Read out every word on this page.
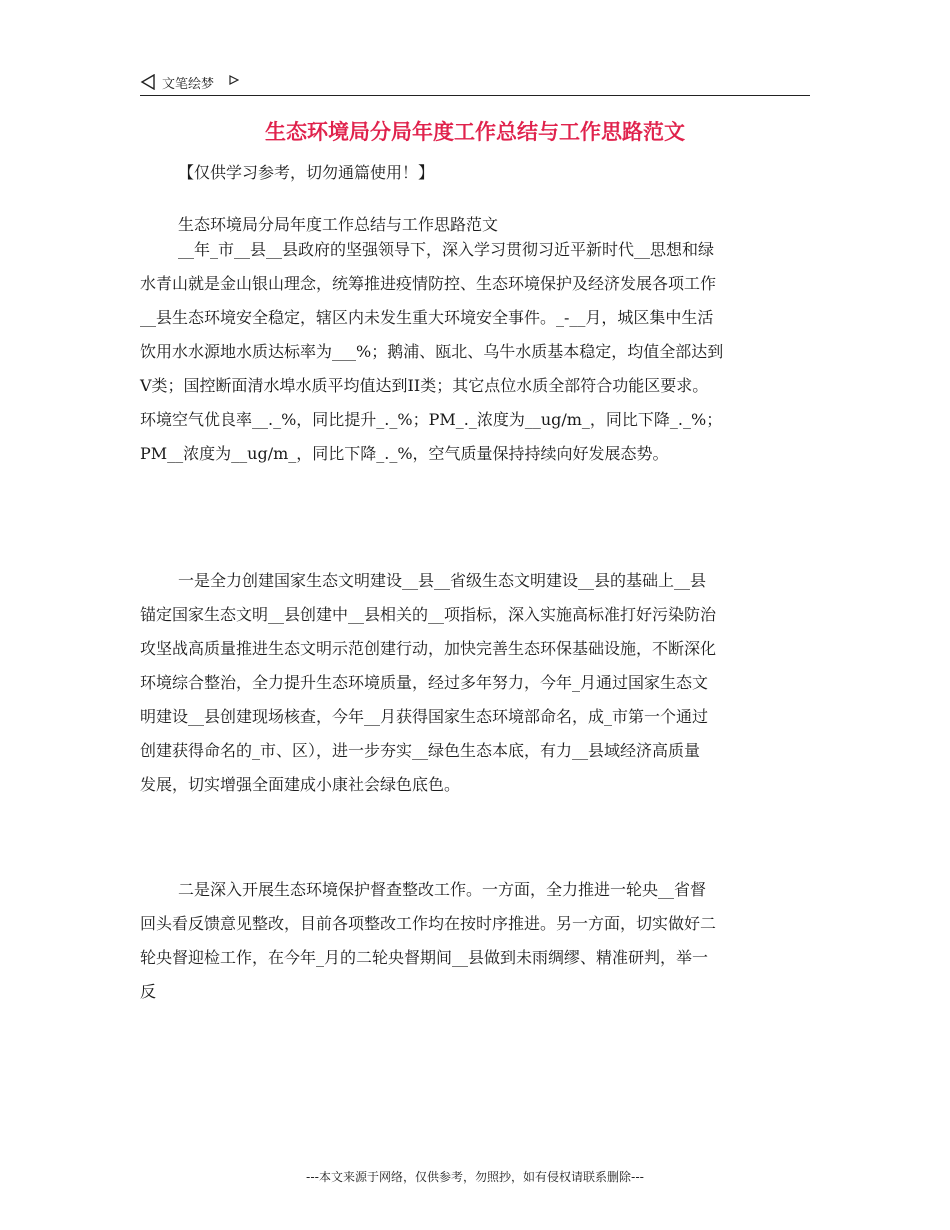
文笔绘梦
生态环境局分局年度工作总结与工作思路范文
【仅供学习参考，切勿通篇使用！】
生态环境局分局年度工作总结与工作思路范文
__年_市__县__县政府的坚强领导下，深入学习贯彻习近平新时代__思想和绿
水青山就是金山银山理念，统筹推进疫情防控、生态环境保护及经济发展各项工作
__县生态环境安全稳定，辖区内未发生重大环境安全事件。_-__月，城区集中生活
饮用水水源地水质达标率为___%；鹅浦、瓯北、乌牛水质基本稳定，均值全部达到
V类；国控断面清水埠水质平均值达到II类；其它点位水质全部符合功能区要求。
环境空气优良率__._%，同比提升_._%；PM_._浓度为__ug/m_，同比下降_._%；
PM__浓度为__ug/m_，同比下降_._%，空气质量保持持续向好发展态势。
一是全力创建国家生态文明建设__县__省级生态文明建设__县的基础上__县
锚定国家生态文明__县创建中__县相关的__项指标，深入实施高标准打好污染防治
攻坚战高质量推进生态文明示范创建行动，加快完善生态环保基础设施，不断深化
环境综合整治，全力提升生态环境质量，经过多年努力，今年_月通过国家生态文
明建设__县创建现场核查，今年__月获得国家生态环境部命名，成_市第一个通过
创建获得命名的_市、区），进一步夯实__绿色生态本底，有力__县域经济高质量
发展，切实增强全面建成小康社会绿色底色。
二是深入开展生态环境保护督查整改工作。一方面，全力推进一轮央__省督
回头看反馈意见整改，目前各项整改工作均在按时序推进。另一方面，切实做好二
轮央督迎检工作，在今年_月的二轮央督期间__县做到未雨绸缪、精准研判，举一
反
---本文来源于网络，仅供参考，勿照抄，如有侵权请联系删除---
